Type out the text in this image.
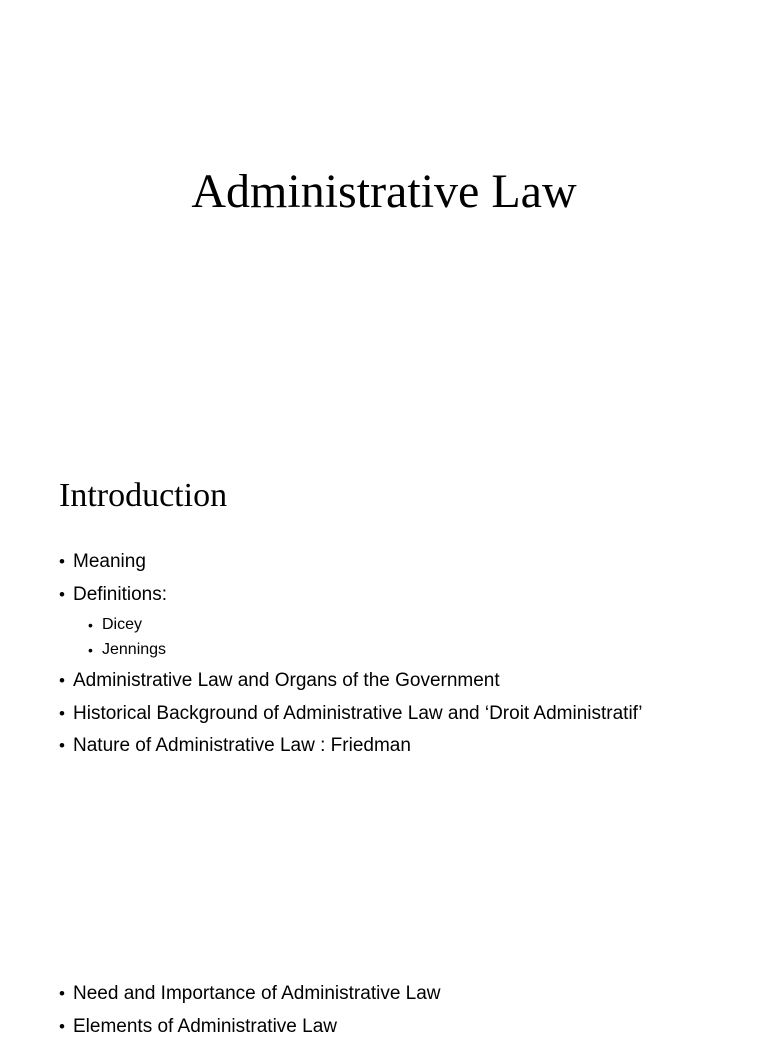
Administrative Law
Introduction
• Meaning
• Definitions:
• Dicey
• Jennings
• Administrative Law and Organs of the Government
• Historical Background of Administrative Law and ‘Droit Administratif’
• Nature of Administrative Law : Friedman
• Need and Importance of Administrative Law
• Elements of Administrative Law
